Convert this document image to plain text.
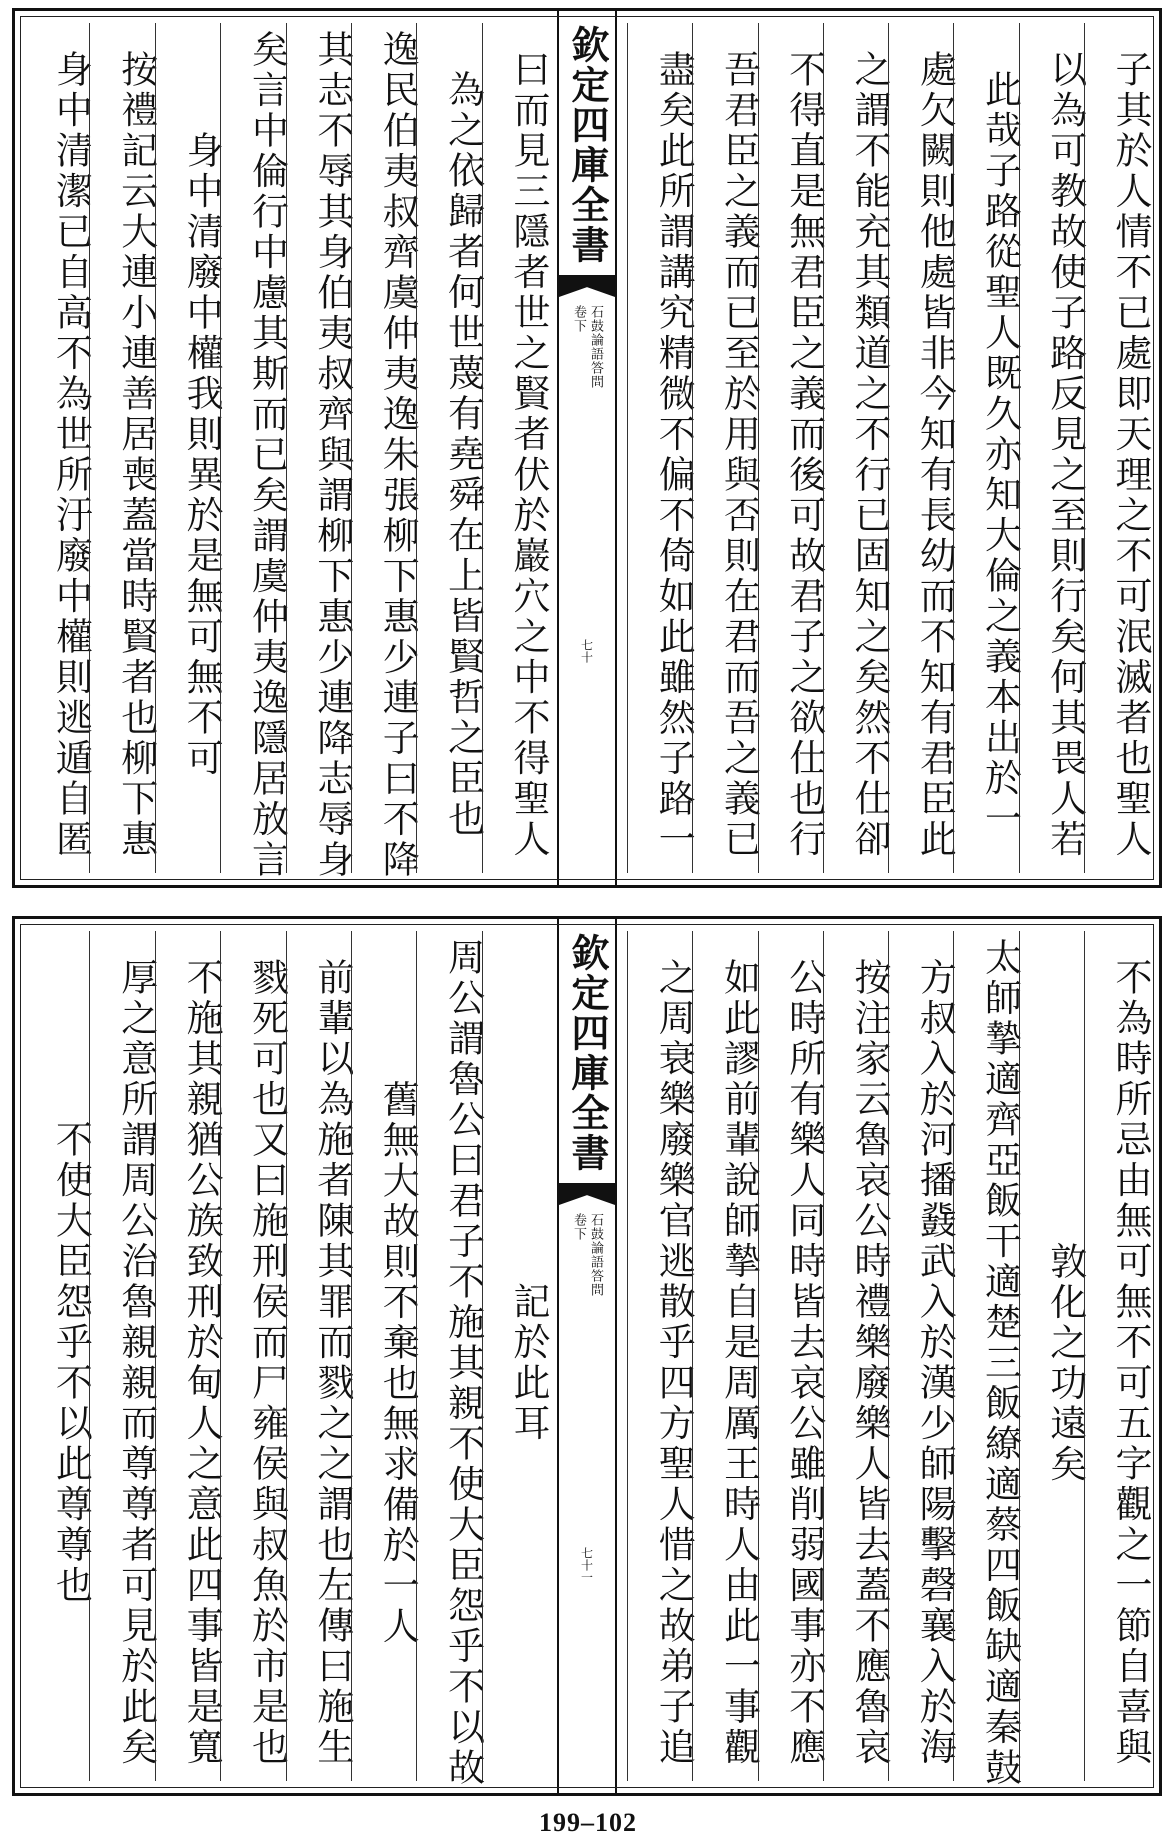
子其於人情不已處即天理之不可泯滅者也聖人
以為可教故使子路反見之至則行矣何其畏人若
此哉子路從聖人既久亦知大倫之義本出於一
處欠闕則他處皆非今知有長幼而不知有君臣此
之謂不能充其類道之不行已固知之矣然不仕卻
不得直是無君臣之義而後可故君子之欲仕也行
吾君臣之義而已至於用與否則在君而吾之義已
盡矣此所謂講究精微不偏不倚如此雖然子路一
欽定四庫全書
石鼓論語答問
卷下
七十
曰而見三隱者世之賢者伏於巖穴之中不得聖人
為之依歸者何世蔑有堯舜在上皆賢哲之臣也
逸民伯夷叔齊虞仲夷逸朱張柳下惠少連子曰不降
其志不辱其身伯夷叔齊與謂柳下惠少連降志辱身
矣言中倫行中慮其斯而已矣謂虞仲夷逸隱居放言
身中清廢中權我則異於是無可無不可
按禮記云大連小連善居喪蓋當時賢者也柳下惠
身中清潔已自高不為世所汙廢中權則逃遁自匿
不為時所忌由無可無不可五字觀之一節自喜與
敦化之功遠矣
太師摯適齊亞飯干適楚三飯繚適蔡四飯缺適秦鼓
方叔入於河播鼗武入於漢少師陽擊磬襄入於海
按注家云魯哀公時禮樂廢樂人皆去蓋不應魯哀
公時所有樂人同時皆去哀公雖削弱國事亦不應
如此謬前輩說師摯自是周厲王時人由此一事觀
之周衰樂廢樂官逃散乎四方聖人惜之故弟子追
欽定四庫全書
石鼓論語答問
卷下
七十一
記於此耳
周公謂魯公曰君子不施其親不使大臣怨乎不以故
舊無大故則不棄也無求備於一人
前輩以為施者陳其罪而戮之之謂也左傳曰施生
戮死可也又曰施刑侯而尸雍侯與叔魚於市是也
不施其親猶公族致刑於甸人之意此四事皆是寬
厚之意所謂周公治魯親親而尊尊者可見於此矣
不使大臣怨乎不以此尊尊也
199–102
